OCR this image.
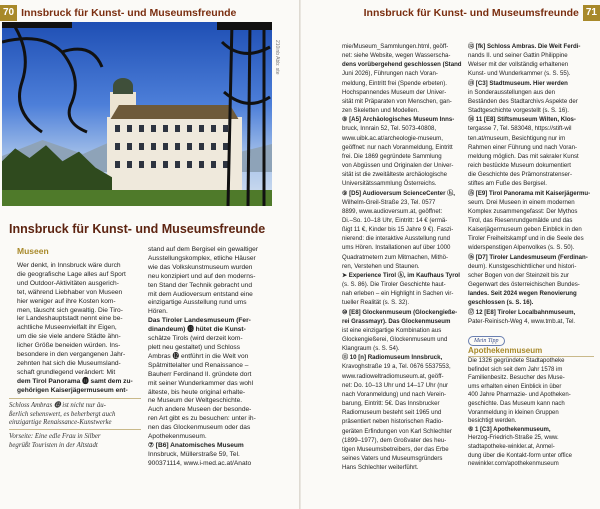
70 Innsbruck für Kunst- und Museumsfreunde	Innsbruck für Kunst- und Museumsfreunde 71
210inb Abb: ste
Innsbruck für Kunst- und Museumsfreunde
Museen
Wer denkt, in Innsbruck wäre durch
die geografische Lage alles auf Sport
und Outdoor-Aktivitäten ausgerich-
tet, während Liebhaber von Museen
hier weniger auf ihre Kosten kom-
men, täuscht sich gewaltig. Die Tiro-
ler Landeshauptstadt nennt eine be-
achtliche Museenvielfalt ihr Eigen,
um die sie viele andere Städte ähn-
licher Größe beneiden würden. Ins-
besondere in den vergangenen Jahr-
zehnten hat sich die Museumsland-
schaft grundlegend verändert: Mit
dem Tirol Panorama ⓫ samt dem zu-
gehörigen Kaiserjägermuseum ent-
Schloss Ambras ⓬ ist nicht nur äu-
ßerlich sehenswert, es beherbergt auch
einzigartige Renaissance-Kunstwerke
Vorseite: Eine edle Frau in Silber
begrüßt Touristen in der Altstadt
stand auf dem Bergisel ein gewaltiger
Ausstellungskomplex, etliche Häuser
wie das Volkskunstmuseum wurden
neu konzipiert und auf den moderns-
ten Stand der Technik gebracht und
mit dem Audioversum entstand eine
einzigartige Ausstellung rund ums
Hören.
Das Tiroler Landesmuseum (Fer-
dinandeum) ⓭ hütet die Kunst-
schätze Tirols (wird derzeit kom-
plett neu gestaltet) und Schloss
Ambras ⓬ entführt in die Welt von
Spätmittelalter und Renaissance –
Bauherr Ferdinand II. gründete dort
mit seiner Wunderkammer das wohl
älteste, bis heute original erhalte-
ne Museum der Weltgeschichte.
Auch andere Museen der besonde-
ren Art gibt es zu besuchen: unter ih-
nen das Glockenmuseum oder das
Apothekenmuseum.
⑦ [B6] Anatomisches Museum
Innsbruck, Müllerstraße 59, Tel.
900371114, www.i-med.ac.at/Anato
mie/Museum_Sammlungen.html, geöff-
net: siehe Website, wegen Wasserscha-
dens vorübergehend geschlossen (Stand
Juni 2026), Führungen nach Voran-
meldung, Eintritt frei (Spende erbeten).
Hochspannendes Museum der Univer-
sität mit Präparaten von Menschen, gan-
zen Skeletten und Modellen.
⑧ [A5] Archäologisches Museum Inns-
bruck, Innrain 52, Tel. 5073-40808,
www.uibk.ac.at/archeologie-museum,
geöffnet: nur nach Voranmeldung, Eintritt
frei. Die 1869 gegründete Sammlung
von Abgüssen und Originalen der Univer-
sität ist die zweitälteste archäologische
Universitätssammlung Österreichs.
⑨ [D5] Audioversum ScienceCenter ⓗ,
Wilhelm-Greil-Straße 23, Tel. 0577
8899, www.audioversum.at, geöffnet:
Di.–So. 10–18 Uhr, Eintritt: 14 € (ermä-
ßigt 11 €, Kinder bis 15 Jahre 9 €). Faszi-
nierend: die interaktive Ausstellung rund
ums Hören. Installationen auf über 1000
Quadratmetern zum Mitmachen, Mithö-
ren, Verstehen und Staunen.
➤ Experience Tirol ⓗ, im Kaufhaus Tyrol
(s. S. 86). Die Tiroler Geschichte haut-
nah erleben – ein Highlight in Sachen vir-
tueller Realität (s. S. 32).
⑩ [E8] Glockenmuseum (Glockengieße-
rei Grassmayr). Das Glockenmuseum
ist eine einzigartige Kombination aus
Glockengießerei, Glockenmuseum und
Klangraum (s. S. 54).
⑪ 10 [n] Radiomuseum Innsbruck,
Kravoghstraße 19 a, Tel. 0676 5537553,
www.radioweltradiomuseum.at, geöff-
net: Do. 10–13 Uhr und 14–17 Uhr (nur
nach Voranmeldung) und nach Verein-
barung, Eintritt: 5€. Das Innsbrucker
Radiomuseum besteht seit 1965 und
präsentiert neben historischen Radio-
geräten Erfindungen von Karl Schlechter
(1899–1977), dem Großvater des heu-
tigen Museumsbetreibers, der das Erbe
seines Vaters und Museumsgründers
Hans Schlechter weiterführt.
⑫ [fk] Schloss Ambras. Die Weit Ferdi-
nands II. und seiner Gattin Philippine
Welser mit der vollständig erhaltenen
Kunst- und Wunderkammer (s. S. 55).
⑬ [C3] Stadtmuseum. Hier werden
in Sonderausstellungen aus den
Beständen des Stadtarchivs Aspekte der
Stadtgeschichte vorgestellt (s. S. 16).
⑭ 11 [E8] Stiftsmuseum Wilten, Klos-
tergasse 7, Tel. 583048, https://stift-wil
ten.at/museum, Besichtigung nur im
Rahmen einer Führung und nach Voran-
meldung möglich. Das mit sakraler Kunst
reich bestückte Museum dokumentiert
die Geschichte des Prämonstratenser-
stiftes am Fuße des Bergisel.
⑮ [E9] Tirol Panorama mit Kaiserjägermu-
seum. Drei Museen in einem modernen
Komplex zusammengefasst: Der Mythos
Tirol, das Riesenrundgemälde und das
Kaiserjägermuseum geben Einblick in den
Tiroler Freiheitskampf und in die Seele des
widerspenstigen Alpenvolkes (s. S. 50).
⑯ [D7] Tiroler Landesmuseum (Ferdinan-
deum). Kunstgeschichtlicher und histori-
scher Bogen von der Steinzeit bis zur
Gegenwart des österreichischen Bundes-
landes. Seit 2024 wegen Renovierung
geschlossen (s. S. 16).
⑰ 12 [E8] Tiroler Localbahnmuseum,
Pater-Reinisch-Weg 4, www.tmb.at, Tel.
Mein Tipp
Apothekenmuseum
Die 1326 gegründete Stadtapotheke
befindet sich seit dem Jahr 1578 im
Familienbesitz. Besucher des Muse-
ums erhalten einen Einblick in über
400 Jahre Pharmazie- und Apotheken-
geschichte. Das Museum kann nach
Voranmeldung in kleinen Gruppen
besichtigt werden.
⑥ 1 [C3] Apothekenmuseum,
Herzog-Friedrich-Straße 25, www.
stadtapotheke-winkler.at, Anmel-
dung über die Kontakt-form unter office
newinkler.com/apothekenmuseum
